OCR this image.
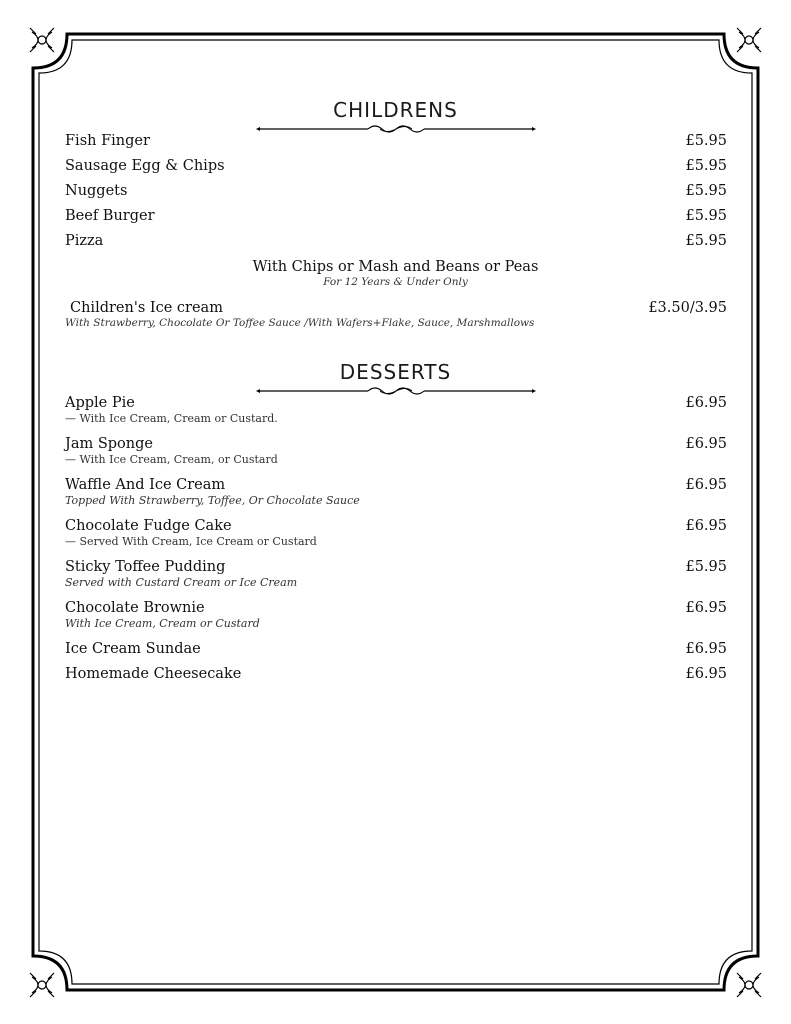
CHILDRENS
Fish Finger	£5.95
Sausage Egg & Chips	£5.95
Nuggets	£5.95
Beef Burger	£5.95
Pizza	£5.95
With Chips or Mash and Beans or Peas
For 12 Years & Under Only
Children's Ice cream	£3.50/3.95
With Strawberry, Chocolate Or Toffee Sauce /With Wafers+Flake, Sauce, Marshmallows
DESSERTS
Apple Pie	£6.95
— With Ice Cream, Cream or Custard.
Jam Sponge	£6.95
— With Ice Cream, Cream, or Custard
Waffle And Ice Cream	£6.95
Topped With Strawberry, Toffee, Or Chocolate Sauce
Chocolate Fudge Cake	£6.95
— Served With Cream, Ice Cream or Custard
Sticky Toffee Pudding	£5.95
Served with Custard Cream or Ice Cream
Chocolate Brownie	£6.95
With Ice Cream, Cream or Custard
Ice Cream Sundae	£6.95
Homemade Cheesecake	£6.95
